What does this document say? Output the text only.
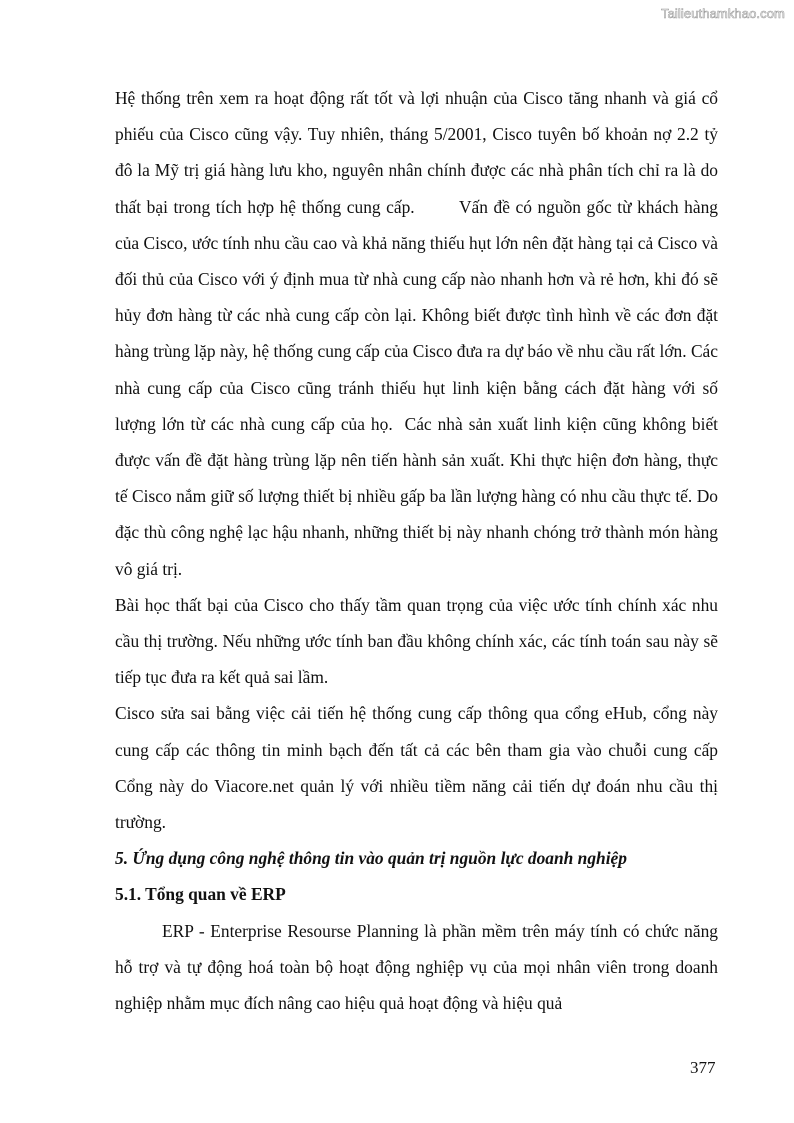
Tailieuthamkhao.com

Hệ thống trên xem ra hoạt động rất tốt và lợi nhuận của Cisco tăng nhanh và giá cổ phiếu của Cisco cũng vậy. Tuy nhiên, tháng 5/2001, Cisco tuyên bố khoản nợ 2.2 tỷ đô la Mỹ trị giá hàng lưu kho, nguyên nhân chính được các nhà phân tích chỉ ra là do thất bại trong tích hợp hệ thống cung cấp.        Vấn đề có nguồn gốc từ khách hàng của Cisco, ước tính nhu cầu cao và khả năng thiếu hụt lớn nên đặt hàng tại cả Cisco và đối thủ của Cisco với ý định mua từ nhà cung cấp nào nhanh hơn và rẻ hơn, khi đó sẽ hủy đơn hàng từ các nhà cung cấp còn lại. Không biết được tình hình về các đơn đặt hàng trùng lặp này, hệ thống cung cấp của Cisco đưa ra dự báo về nhu cầu rất lớn. Các nhà cung cấp của Cisco cũng tránh thiếu hụt linh kiện bằng cách đặt hàng với số lượng lớn từ các nhà cung cấp của họ.  Các nhà sản xuất linh kiện cũng không biết được vấn đề đặt hàng trùng lặp nên tiến hành sản xuất. Khi thực hiện đơn hàng, thực tế Cisco nắm giữ số lượng thiết bị nhiều gấp ba lần lượng hàng có nhu cầu thực tế. Do đặc thù công nghệ lạc hậu nhanh, những thiết bị này nhanh chóng trở thành món hàng vô giá trị.

Bài học thất bại của Cisco cho thấy tầm quan trọng của việc ước tính chính xác nhu cầu thị trường. Nếu những ước tính ban đầu không chính xác, các tính toán sau này sẽ tiếp tục đưa ra kết quả sai lầm.

Cisco sửa sai bằng việc cải tiến hệ thống cung cấp thông qua cổng eHub, cổng này cung cấp các thông tin minh bạch đến tất cả các bên tham gia vào chuỗi cung cấp Cổng này do Viacore.net quản lý với nhiều tiềm năng cải tiến dự đoán nhu cầu thị trường.

5. Ứng dụng công nghệ thông tin vào quản trị nguồn lực doanh nghiệp

5.1. Tổng quan về ERP

ERP - Enterprise Resourse Planning là phần mềm trên máy tính có chức năng hỗ trợ và tự động hoá toàn bộ hoạt động nghiệp vụ của mọi nhân viên trong doanh nghiệp nhằm mục đích nâng cao hiệu quả hoạt động và hiệu quả

377
